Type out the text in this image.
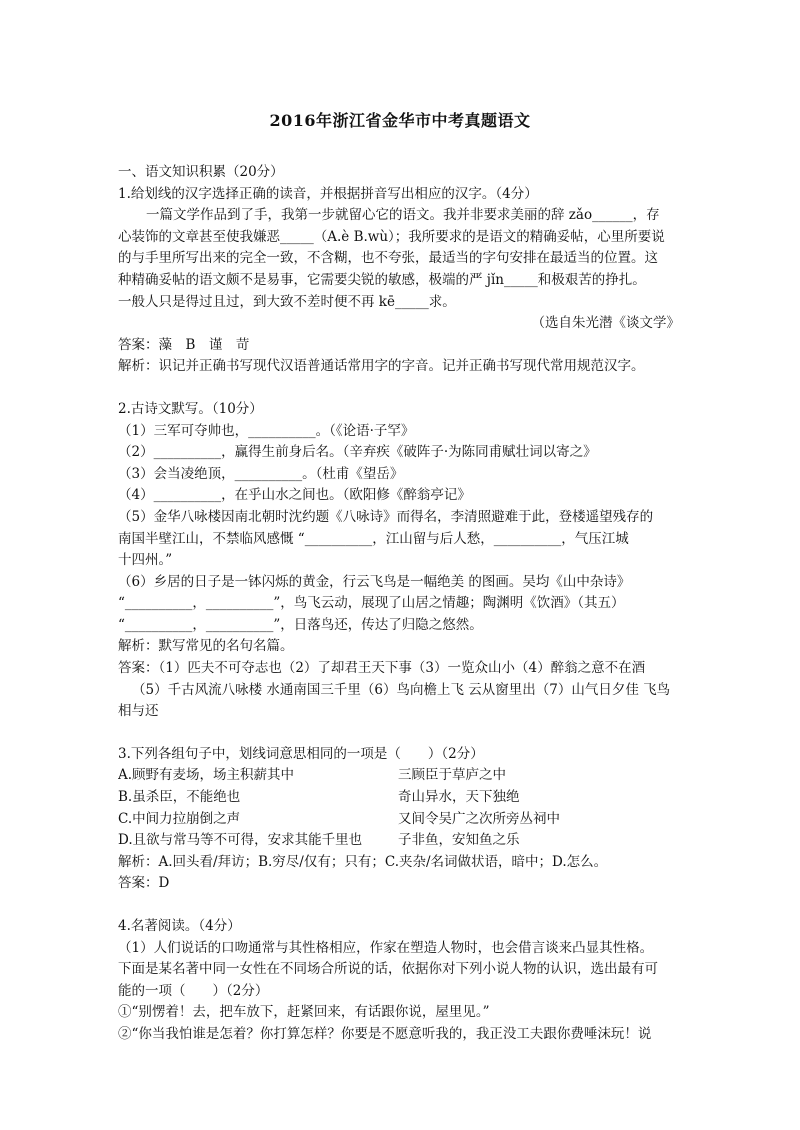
2016年浙江省金华市中考真题语文
一、语文知识积累（20分）
1.给划线的汉字选择正确的读音，并根据拼音写出相应的汉字。（4分）
一篇文学作品到了手，我第一步就留心它的语文。我并非要求美丽的辞 zǎo______，存
心装饰的文章甚至使我嫌恶_____（A.è B.wù）；我所要求的是语文的精确妥帖，心里所要说
的与手里所写出来的完全一致，不含糊，也不夸张，最适当的字句安排在最适当的位置。这
种精确妥帖的语文颇不是易事，它需要尖锐的敏感，极端的严 jǐn_____和极艰苦的挣扎。
一般人只是得过且过，到大致不差时便不再 kē_____求。
（选自朱光潜《谈文学》
答案：藻　B　谨　苛
解析：识记并正确书写现代汉语普通话常用字的字音。记并正确书写现代常用规范汉字。
2.古诗文默写。（10分）
（1）三军可夺帅也，__________。（《论语·子罕》
（2）__________，赢得生前身后名。（辛弃疾《破阵子·为陈同甫赋壮词以寄之》
（3）会当凌绝顶，__________。（杜甫《望岳》
（4）__________，在乎山水之间也。（欧阳修《醉翁亭记》
（5）金华八咏楼因南北朝时沈约题《八咏诗》而得名，李清照避难于此，登楼遥望残存的
南国半壁江山，不禁临风感慨 “__________，江山留与后人愁，__________，气压江城
十四州。”
（6）乡居的日子是一钵闪烁的黄金，行云飞鸟是一幅绝美 的图画。吴均《山中杂诗》
“__________，__________”，鸟飞云动，展现了山居之情趣；陶渊明《饮酒》（其五）
“__________，__________”，日落鸟还，传达了归隐之悠然。
解析：默写常见的名句名篇。
答案：（1）匹夫不可夺志也（2）了却君王天下事（3）一览众山小（4）醉翁之意不在酒
（5）千古风流八咏楼 水通南国三千里（6）鸟向檐上飞 云从窗里出（7）山气日夕佳 飞鸟
相与还
3.下列各组句子中，划线词意思相同的一项是（　　）（2分）
A.顾野有麦场，场主积薪其中	三顾臣于草庐之中
B.虽杀臣，不能绝也	奇山异水，天下独绝
C.中间力拉崩倒之声	又间令吴广之次所旁丛祠中
D.且欲与常马等不可得，安求其能千里也	子非鱼，安知鱼之乐
解析：A.回头看/拜访；B.穷尽/仅有；只有；C.夹杂/名词做状语，暗中；D.怎么。
答案：D
4.名著阅读。（4分）
（1）人们说话的口吻通常与其性格相应，作家在塑造人物时，也会借言谈来凸显其性格。
下面是某名著中同一女性在不同场合所说的话，依据你对下列小说人物的认识，选出最有可
能的一项（　　）（2分）
①“别愣着！去，把车放下，赶紧回来，有话跟你说，屋里见。”
②“你当我怕谁是怎着？你打算怎样？你要是不愿意听我的，我正没工夫跟你费唾沫玩！说
